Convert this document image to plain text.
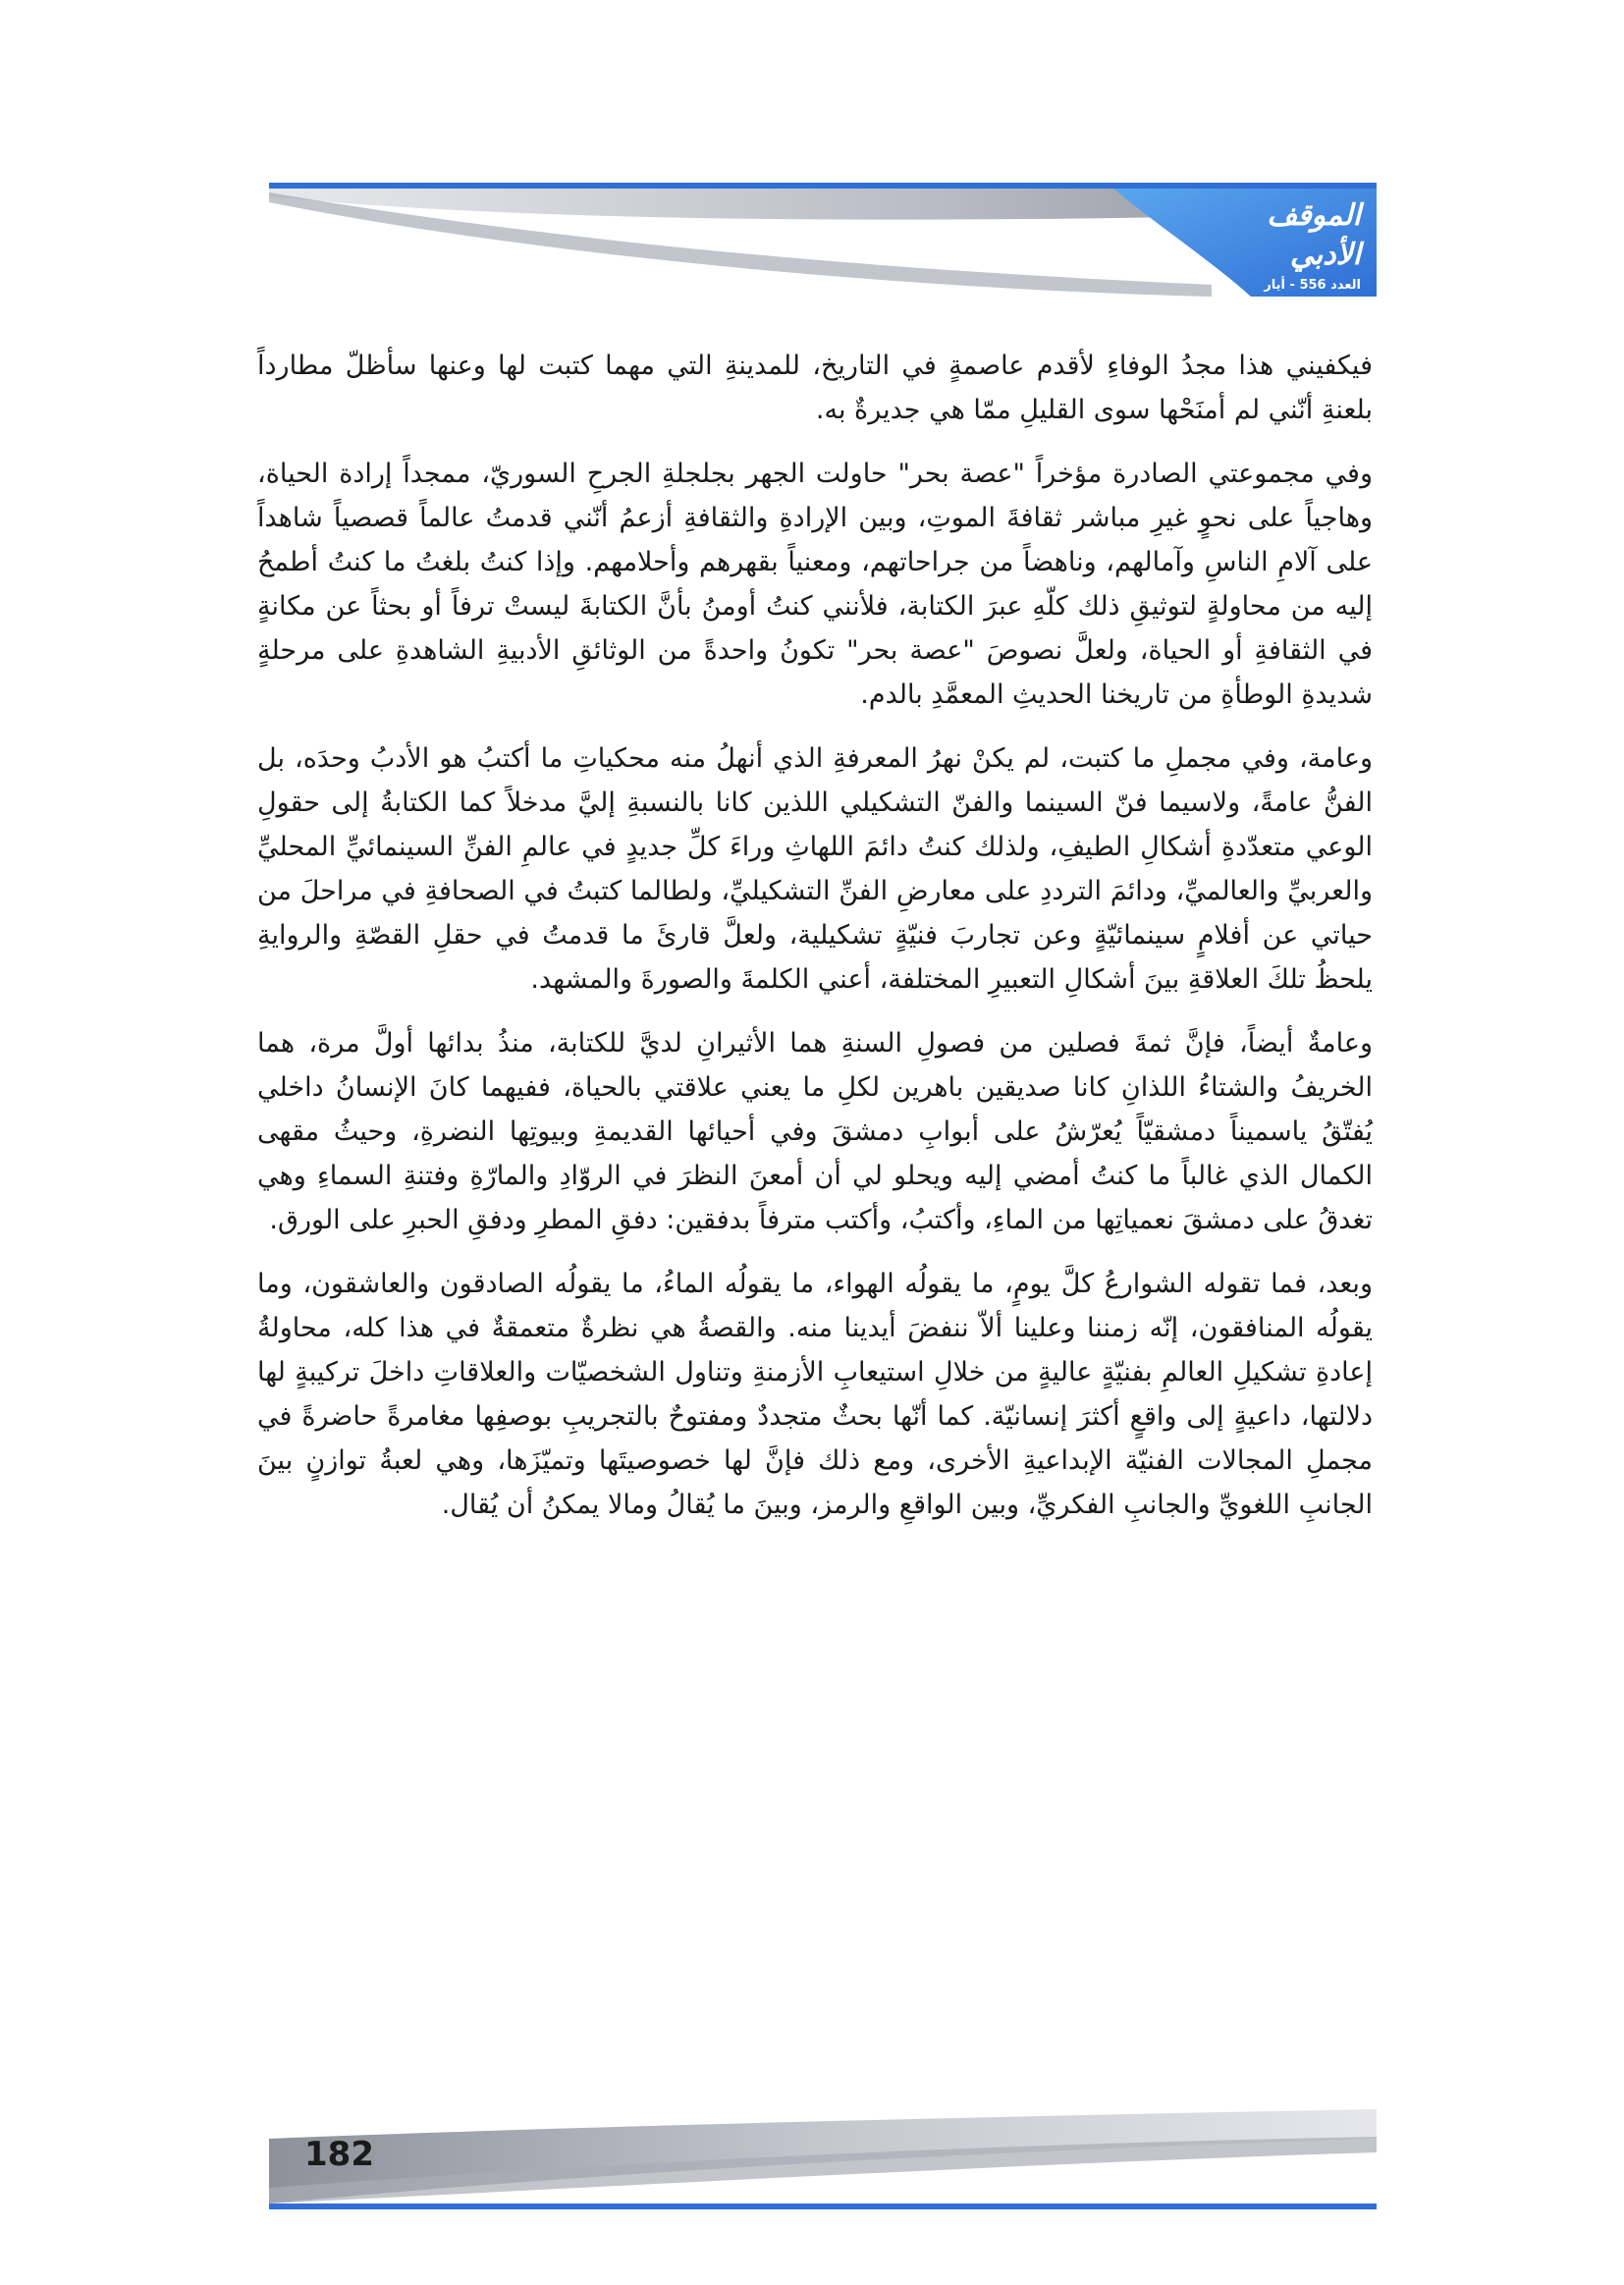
الموقف الأدبي
العدد 556 - أيار 2017

فيكفيني هذا مجدُ الوفاءِ لأقدم عاصمةٍ في التاريخ، للمدينةِ التي مهما كتبت لها وعنها سأظلّ مطارداً بلعنةِ أنّني لم أمنَحْها سوى القليلِ ممّا هي جديرةٌ به.

وفي مجموعتي الصادرة مؤخراً "عصة بحر" حاولت الجهر بجلجلةِ الجرحِ السوريّ، ممجداً إرادة الحياة، وهاجياً على نحوٍ غيرِ مباشر ثقافةَ الموتِ، وبين الإرادةِ والثقافةِ أزعمُ أنّني قدمتُ عالماً قصصياً شاهداً على آلامِ الناسِ وآمالهم، وناهضاً من جراحاتهم، ومعنياً بقهرهم وأحلامهم. وإذا كنتُ بلغتُ ما كنتُ أطمحُ إليه من محاولةٍ لتوثيقِ ذلك كلّهِ عبرَ الكتابة، فلأنني كنتُ أومنُ بأنَّ الكتابةَ ليستْ ترفاً أو بحثاً عن مكانةٍ في الثقافةِ أو الحياة، ولعلَّ نصوصَ "عصة بحر" تكونُ واحدةً من الوثائقِ الأدبيةِ الشاهدةِ على مرحلةٍ شديدةِ الوطأةِ من تاريخنا الحديثِ المعمَّدِ بالدم.

وعامة، وفي مجملِ ما كتبت، لم يكنْ نهرُ المعرفةِ الذي أنهلُ منه محكياتِ ما أكتبُ هو الأدبُ وحدَه، بل الفنُّ عامةً، ولاسيما فنّ السينما والفنّ التشكيلي اللذين كانا بالنسبةِ إليَّ مدخلاً كما الكتابةُ إلى حقولِ الوعي متعدّدةِ أشكالِ الطيفِ، ولذلك كنتُ دائمَ اللهاثِ وراءَ كلِّ جديدٍ في عالمِ الفنِّ السينمائيِّ المحليِّ والعربيِّ والعالميِّ، ودائمَ الترددِ على معارضِ الفنِّ التشكيليِّ، ولطالما كتبتُ في الصحافةِ في مراحلَ من حياتي عن أفلامٍ سينمائيّةٍ وعن تجاربَ فنيّةٍ تشكيلية، ولعلَّ قارئَ ما قدمتُ في حقلِ القصّةِ والروايةِ يلحظُ تلكَ العلاقةِ بينَ أشكالِ التعبيرِ المختلفة، أعني الكلمةَ والصورةَ والمشهد.

وعامةٌ أيضاً، فإنَّ ثمةَ فصلين من فصولِ السنةِ هما الأثيرانِ لديَّ للكتابة، منذُ بدائها أولَّ مرة، هما الخريفُ والشتاءُ اللذانِ كانا صديقين باهرين لكلِ ما يعني علاقتي بالحياة، ففيهما كانَ الإنسانُ داخلي يُفتّقُ ياسميناً دمشقيّاً يُعرّشُ على أبوابِ دمشقَ وفي أحيائها القديمةِ وبيوتِها النضرةِ، وحيثُ مقهى الكمال الذي غالباً ما كنتُ أمضي إليه ويحلو لي أن أمعنَ النظرَ في الروّادِ والمارّةِ وفتنةِ السماءِ وهي تغدقُ على دمشقَ نعمياتِها من الماءِ، وأكتبُ، وأكتب مترفاً بدفقين: دفقِ المطرِ ودفقِ الحبرِ على الورق.

وبعد، فما تقوله الشوارعُ كلَّ يومٍ، ما يقولُه الهواء، ما يقولُه الماءُ، ما يقولُه الصادقون والعاشقون، وما يقولُه المنافقون، إنّه زمننا وعلينا ألاّ ننفضَ أيدينا منه. والقصةُ هي نظرةٌ متعمقةٌ في هذا كله، محاولةُ إعادةِ تشكيلِ العالمِ بفنيّةٍ عاليةٍ من خلالِ استيعابِ الأزمنةِ وتناول الشخصيّات والعلاقاتِ داخلَ تركيبةٍ لها دلالتها، داعيةٍ إلى واقعٍ أكثرَ إنسانيّة. كما أنّها بحثٌ متجددٌ ومفتوحٌ بالتجريبِ بوصفِها مغامرةً حاضرةً في مجملِ المجالات الفنيّة الإبداعيةِ الأخرى، ومع ذلك فإنَّ لها خصوصيتَها وتميّزَها، وهي لعبةُ توازنٍ بينَ الجانبِ اللغويِّ والجانبِ الفكريِّ، وبين الواقعِ والرمز، وبينَ ما يُقالُ ومالا يمكنُ أن يُقال.

182
